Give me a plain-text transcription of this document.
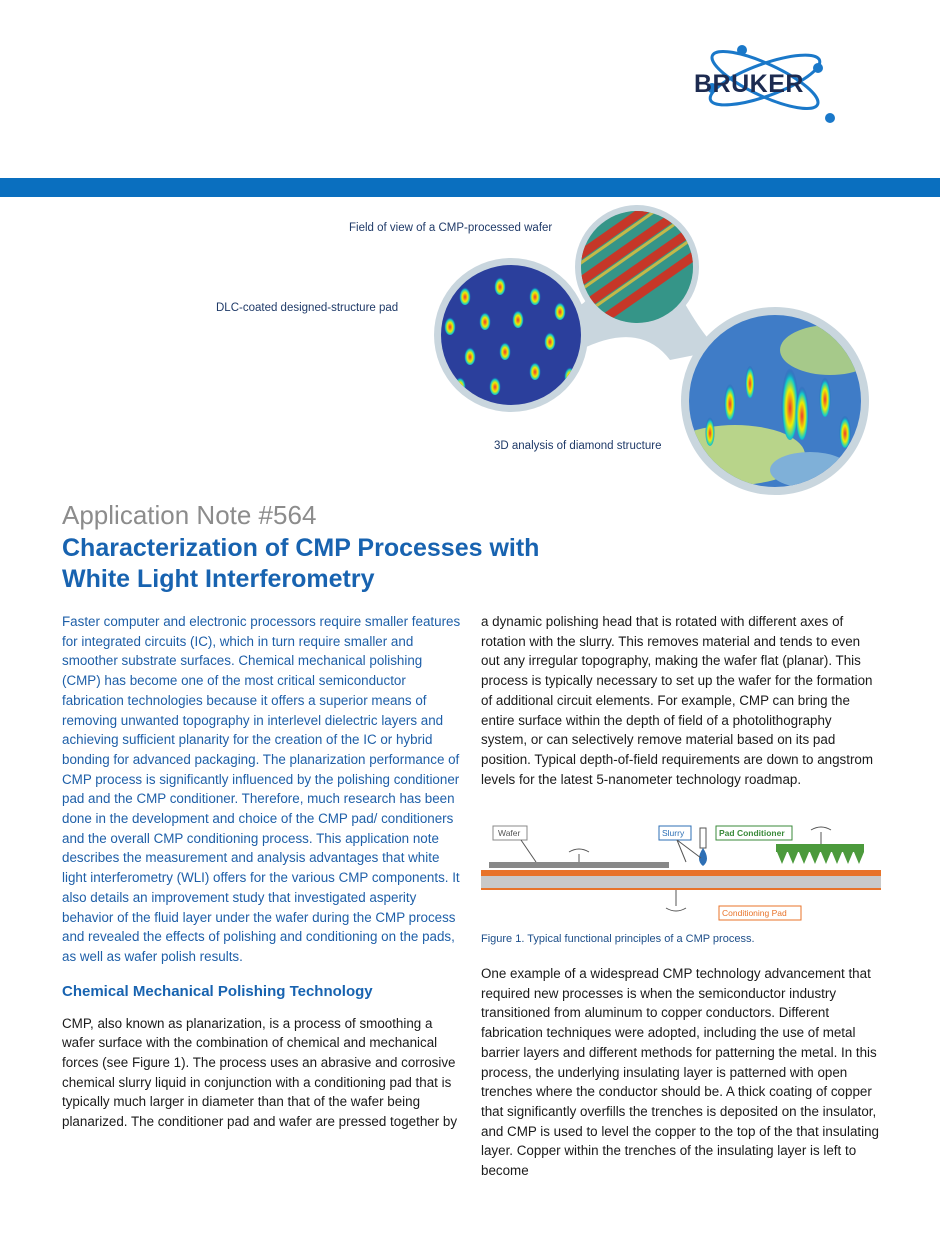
BRUKER
Field of view of a CMP-processed wafer
DLC-coated designed-structure pad
3D analysis of diamond structure
Application Note #564
Characterization of CMP Processes with
White Light Interferometry

Faster computer and electronic processors require smaller features for integrated circuits (IC), which in turn require smaller and smoother substrate surfaces. Chemical mechanical polishing (CMP) has become one of the most critical semiconductor fabrication technologies because it offers a superior means of removing unwanted topography in interlevel dielectric layers and achieving sufficient planarity for the creation of the IC or hybrid bonding for advanced packaging. The planarization performance of CMP process is significantly influenced by the polishing conditioner pad and the CMP conditioner. Therefore, much research has been done in the development and choice of the CMP pad/ conditioners and the overall CMP conditioning process. This application note describes the measurement and analysis advantages that white light interferometry (WLI) offers for the various CMP components. It also details an improvement study that investigated asperity behavior of the fluid layer under the wafer during the CMP process and revealed the effects of polishing and conditioning on the pads, as well as wafer polish results.

Chemical Mechanical Polishing Technology

CMP, also known as planarization, is a process of smoothing a wafer surface with the combination of chemical and mechanical forces (see Figure 1). The process uses an abrasive and corrosive chemical slurry liquid in conjunction with a conditioning pad that is typically much larger in diameter than that of the wafer being planarized. The conditioner pad and wafer are pressed together by

a dynamic polishing head that is rotated with different axes of rotation with the slurry. This removes material and tends to even out any irregular topography, making the wafer flat (planar). This process is typically necessary to set up the wafer for the formation of additional circuit elements. For example, CMP can bring the entire surface within the depth of field of a photolithography system, or can selectively remove material based on its pad position. Typical depth-of-field requirements are down to angstrom levels for the latest 5-nanometer technology roadmap.

Wafer	Slurry	Pad Conditioner
Conditioning Pad
Figure 1. Typical functional principles of a CMP process.

One example of a widespread CMP technology advancement that required new processes is when the semiconductor industry transitioned from aluminum to copper conductors. Different fabrication techniques were adopted, including the use of metal barrier layers and different methods for patterning the metal. In this process, the underlying insulating layer is patterned with open trenches where the conductor should be. A thick coating of copper that significantly overfills the trenches is deposited on the insulator, and CMP is used to level the copper to the top of the that insulating layer. Copper within the trenches of the insulating layer is left to become
